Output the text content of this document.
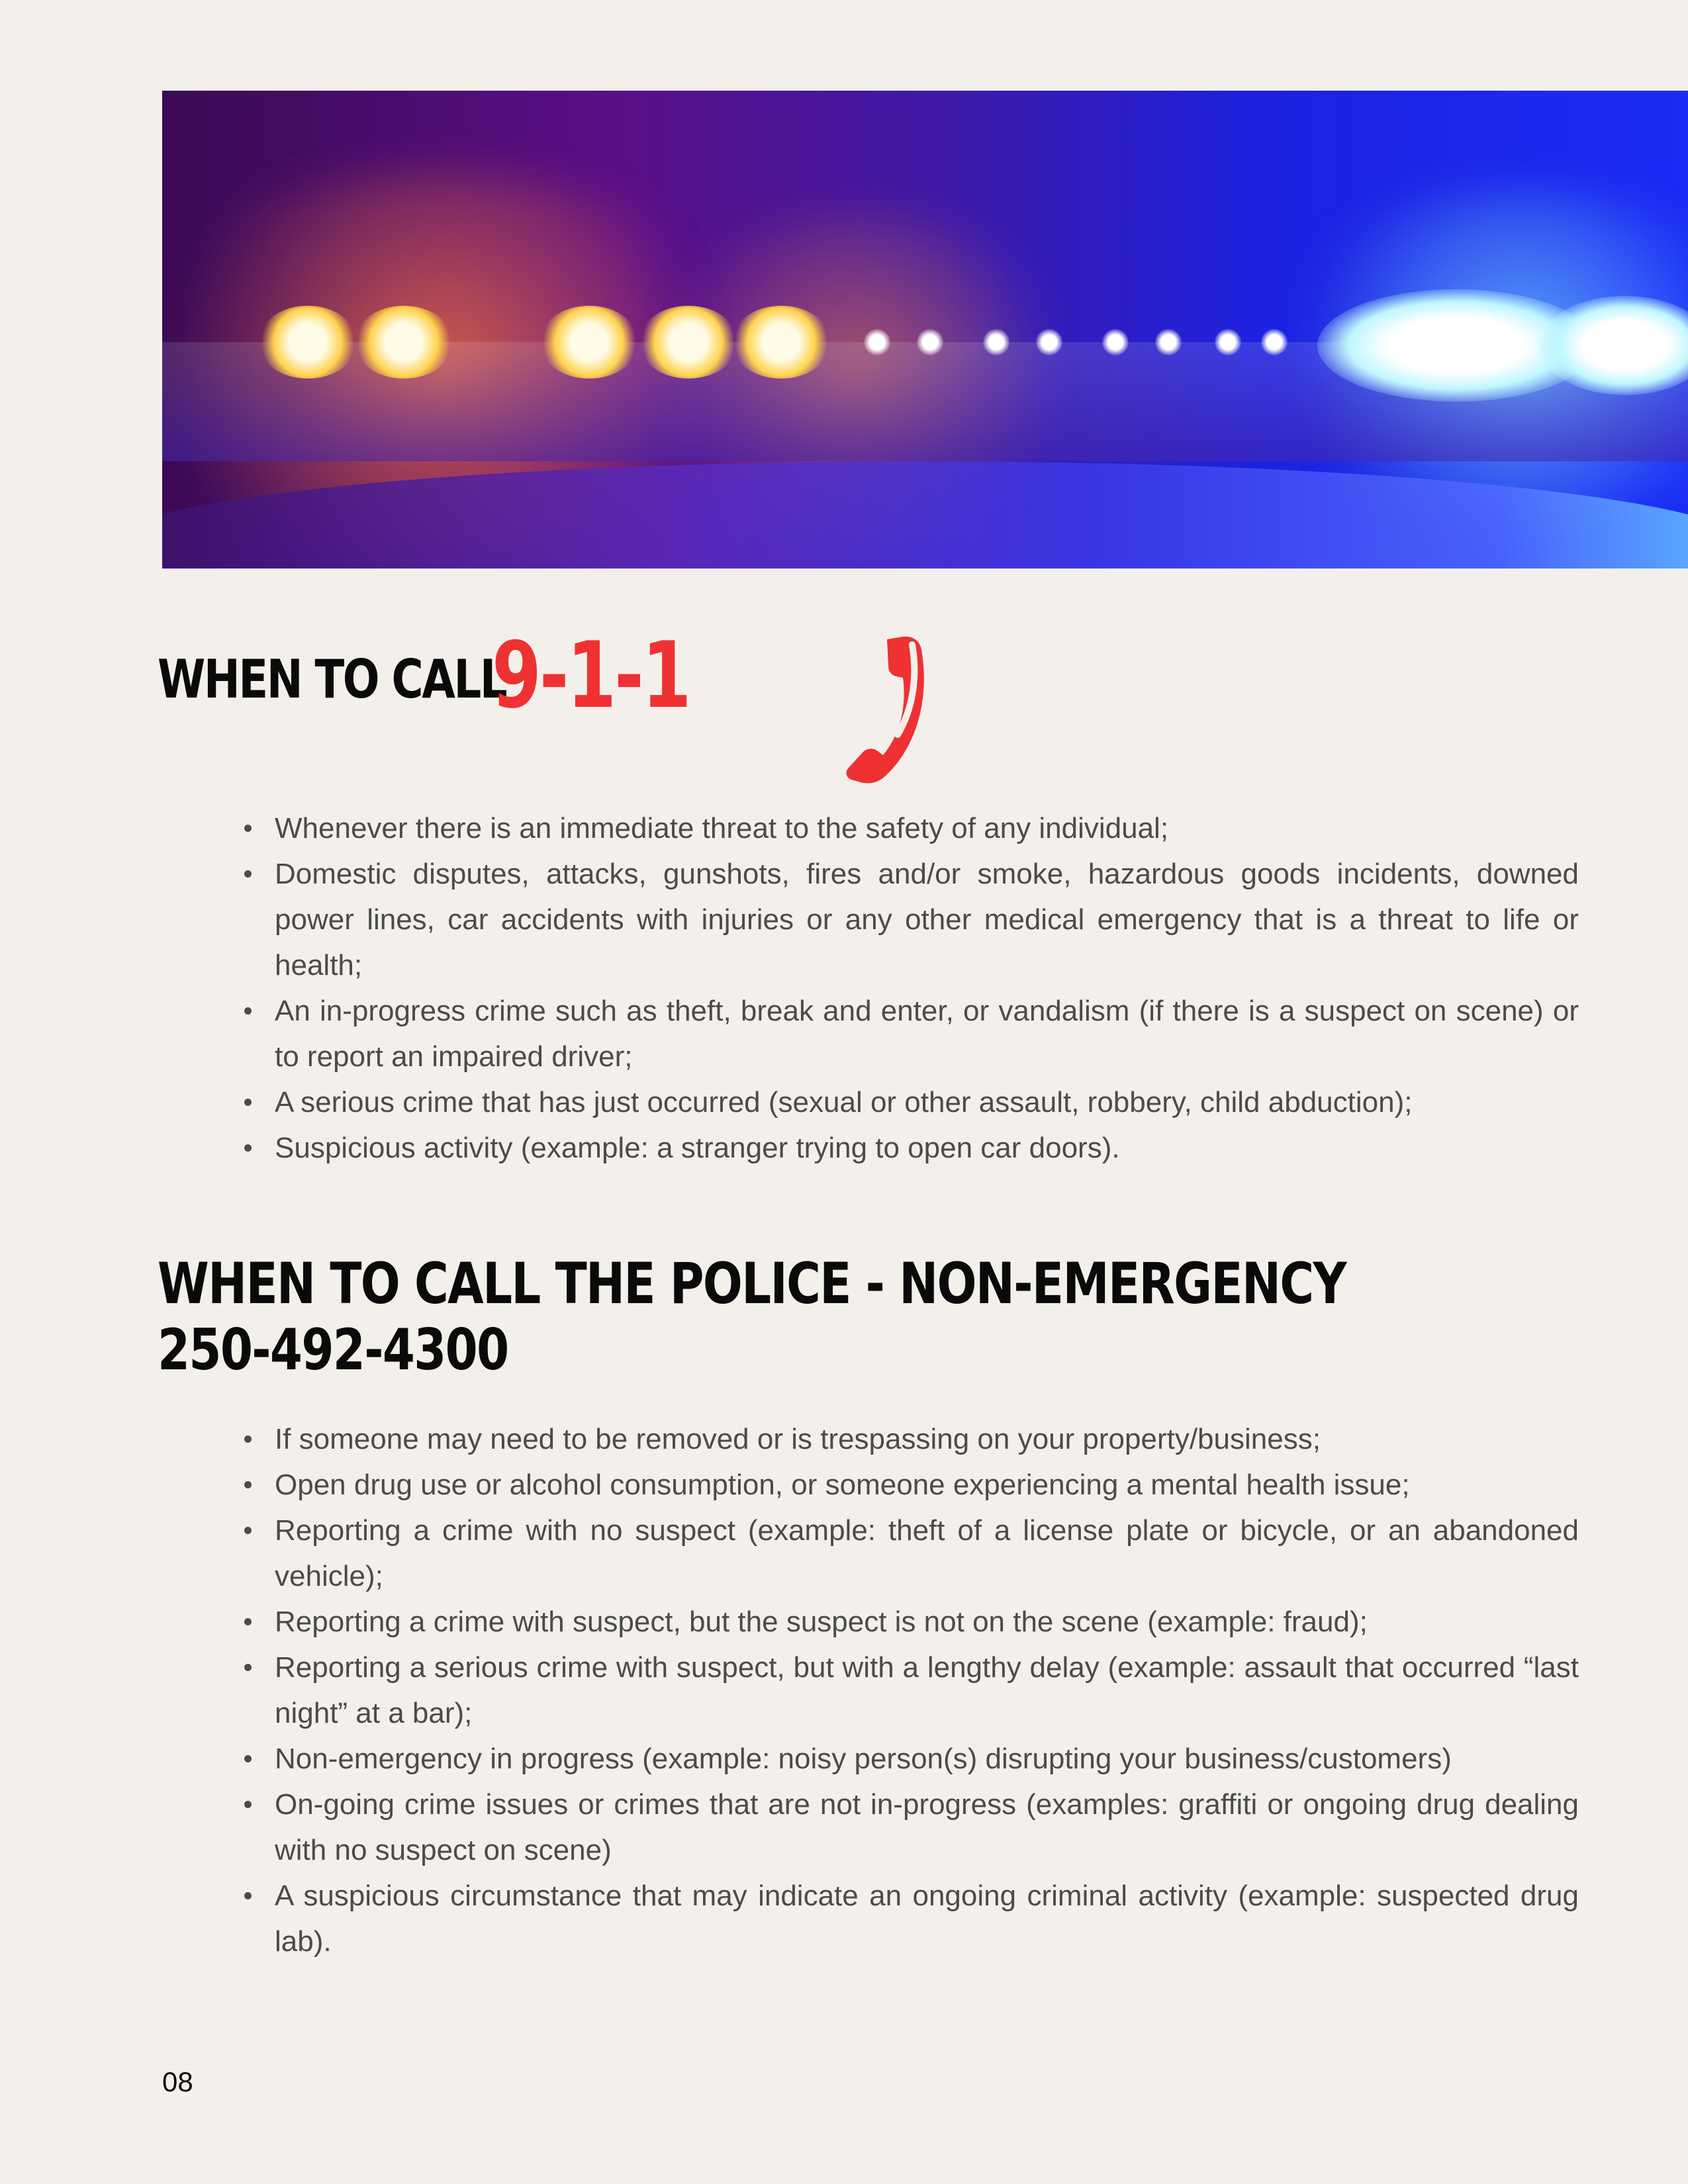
WHEN TO CALL
9-1-1
Whenever there is an immediate threat to the safety of any individual;
Domestic disputes, attacks, gunshots, fires and/or smoke, hazardous goods incidents, downed power lines, car accidents with injuries or any other medical emergency that is a threat to life or health;
An in-progress crime such as theft, break and enter, or vandalism (if there is a suspect on scene) or to report an impaired driver;
A serious crime that has just occurred (sexual or other assault, robbery, child abduction);
Suspicious activity (example: a stranger trying to open car doors).
WHEN TO CALL THE POLICE - NON-EMERGENCY
250-492-4300
If someone may need to be removed or is trespassing on your property/business;
Open drug use or alcohol consumption, or someone experiencing a mental health issue;
Reporting a crime with no suspect (example: theft of a license plate or bicycle, or an abandoned vehicle);
Reporting a crime with suspect, but the suspect is not on the scene (example: fraud);
Reporting a serious crime with suspect, but with a lengthy delay (example: assault that occurred “last night” at a bar);
Non-emergency in progress (example: noisy person(s) disrupting your business/customers)
On-going crime issues or crimes that are not in-progress (examples: graffiti or ongoing drug dealing with no suspect on scene)
A suspicious circumstance that may indicate an ongoing criminal activity (example: suspected drug lab).
08
